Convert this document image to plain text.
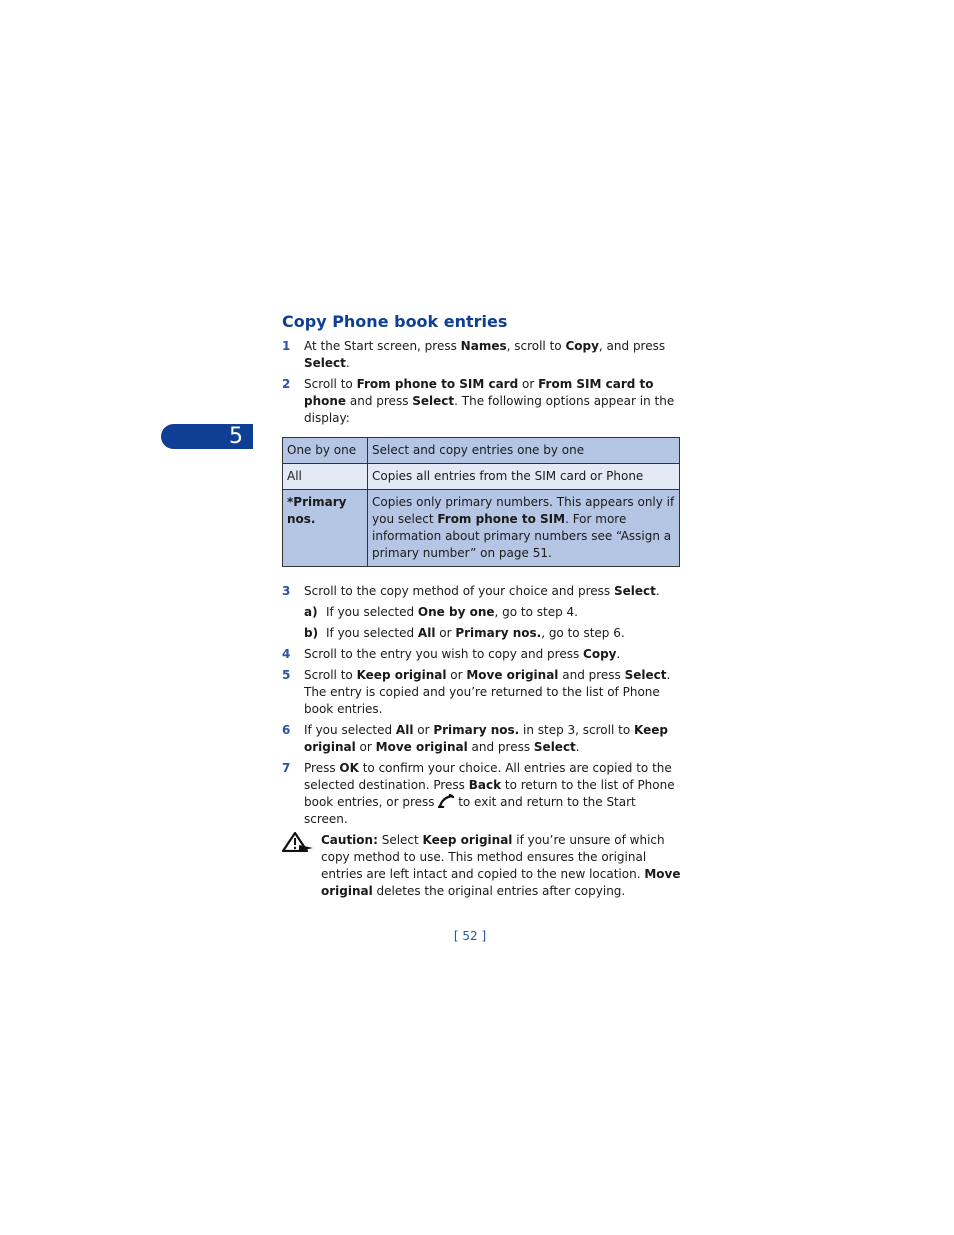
5
Copy Phone book entries
1	At the Start screen, press Names, scroll to Copy, and press Select.
2	Scroll to From phone to SIM card or From SIM card to phone and press Select. The following options appear in the display:
One by one	Select and copy entries one by one
All	Copies all entries from the SIM card or Phone
*Primary nos.	Copies only primary numbers. This appears only if you select From phone to SIM. For more information about primary numbers see “Assign a primary number” on page 51.
3	Scroll to the copy method of your choice and press Select.
a) If you selected One by one, go to step 4.
b) If you selected All or Primary nos., go to step 6.
4	Scroll to the entry you wish to copy and press Copy.
5	Scroll to Keep original or Move original and press Select. The entry is copied and you’re returned to the list of Phone book entries.
6	If you selected All or Primary nos. in step 3, scroll to Keep original or Move original and press Select.
7	Press OK to confirm your choice. All entries are copied to the selected destination. Press Back to return to the list of Phone book entries, or press  to exit and return to the Start screen.
Caution: Select Keep original if you’re unsure of which copy method to use. This method ensures the original entries are left intact and copied to the new location. Move original deletes the original entries after copying.
[ 52 ]
